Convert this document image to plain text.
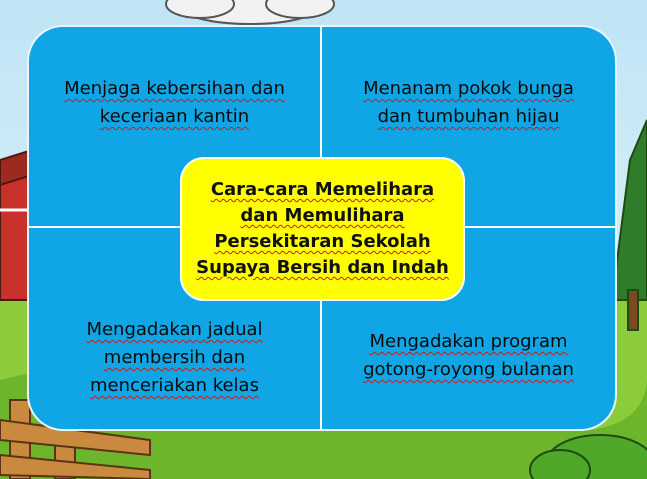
Menjaga kebersihan dan keceriaan kantin
Menanam pokok bunga dan tumbuhan hijau
Mengadakan jadual membersih dan menceriakan kelas
Mengadakan program gotong-royong bulanan
Cara-cara Memelihara dan Memulihara Persekitaran Sekolah Supaya Bersih dan Indah
